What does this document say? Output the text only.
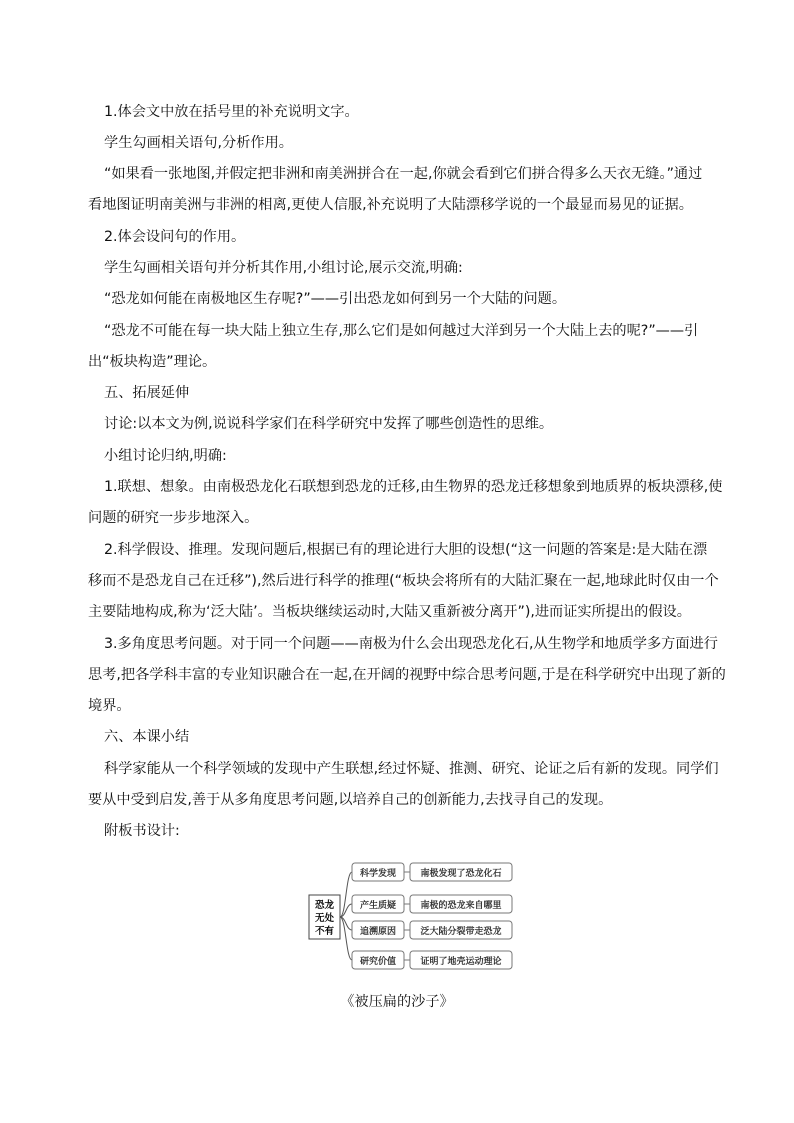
1.体会文中放在括号里的补充说明文字。
学生勾画相关语句,分析作用。
“如果看一张地图,并假定把非洲和南美洲拼合在一起,你就会看到它们拼合得多么天衣无缝。”通过
看地图证明南美洲与非洲的相离,更使人信服,补充说明了大陆漂移学说的一个最显而易见的证据。
2.体会设问句的作用。
学生勾画相关语句并分析其作用,小组讨论,展示交流,明确:
“恐龙如何能在南极地区生存呢?”——引出恐龙如何到另一个大陆的问题。
“恐龙不可能在每一块大陆上独立生存,那么它们是如何越过大洋到另一个大陆上去的呢?”——引
出“板块构造”理论。
五、拓展延伸
讨论:以本文为例,说说科学家们在科学研究中发挥了哪些创造性的思维。
小组讨论归纳,明确:
1.联想、想象。由南极恐龙化石联想到恐龙的迁移,由生物界的恐龙迁移想象到地质界的板块漂移,使
问题的研究一步步地深入。
2.科学假设、推理。发现问题后,根据已有的理论进行大胆的设想(“这一问题的答案是:是大陆在漂
移而不是恐龙自己在迁移”),然后进行科学的推理(“板块会将所有的大陆汇聚在一起,地球此时仅由一个
主要陆地构成,称为‘泛大陆’。当板块继续运动时,大陆又重新被分离开”),进而证实所提出的假设。
3.多角度思考问题。对于同一个问题——南极为什么会出现恐龙化石,从生物学和地质学多方面进行
思考,把各学科丰富的专业知识融合在一起,在开阔的视野中综合思考问题,于是在科学研究中出现了新的
境界。
六、本课小结
科学家能从一个科学领域的发现中产生联想,经过怀疑、推测、研究、论证之后有新的发现。同学们
要从中受到启发,善于从多角度思考问题,以培养自己的创新能力,去找寻自己的发现。
附板书设计:
恐龙
无处
不有
科学发现	南极发现了恐龙化石
产生质疑	南极的恐龙来自哪里
追溯原因	泛大陆分裂带走恐龙
研究价值	证明了地壳运动理论
《被压扁的沙子》
